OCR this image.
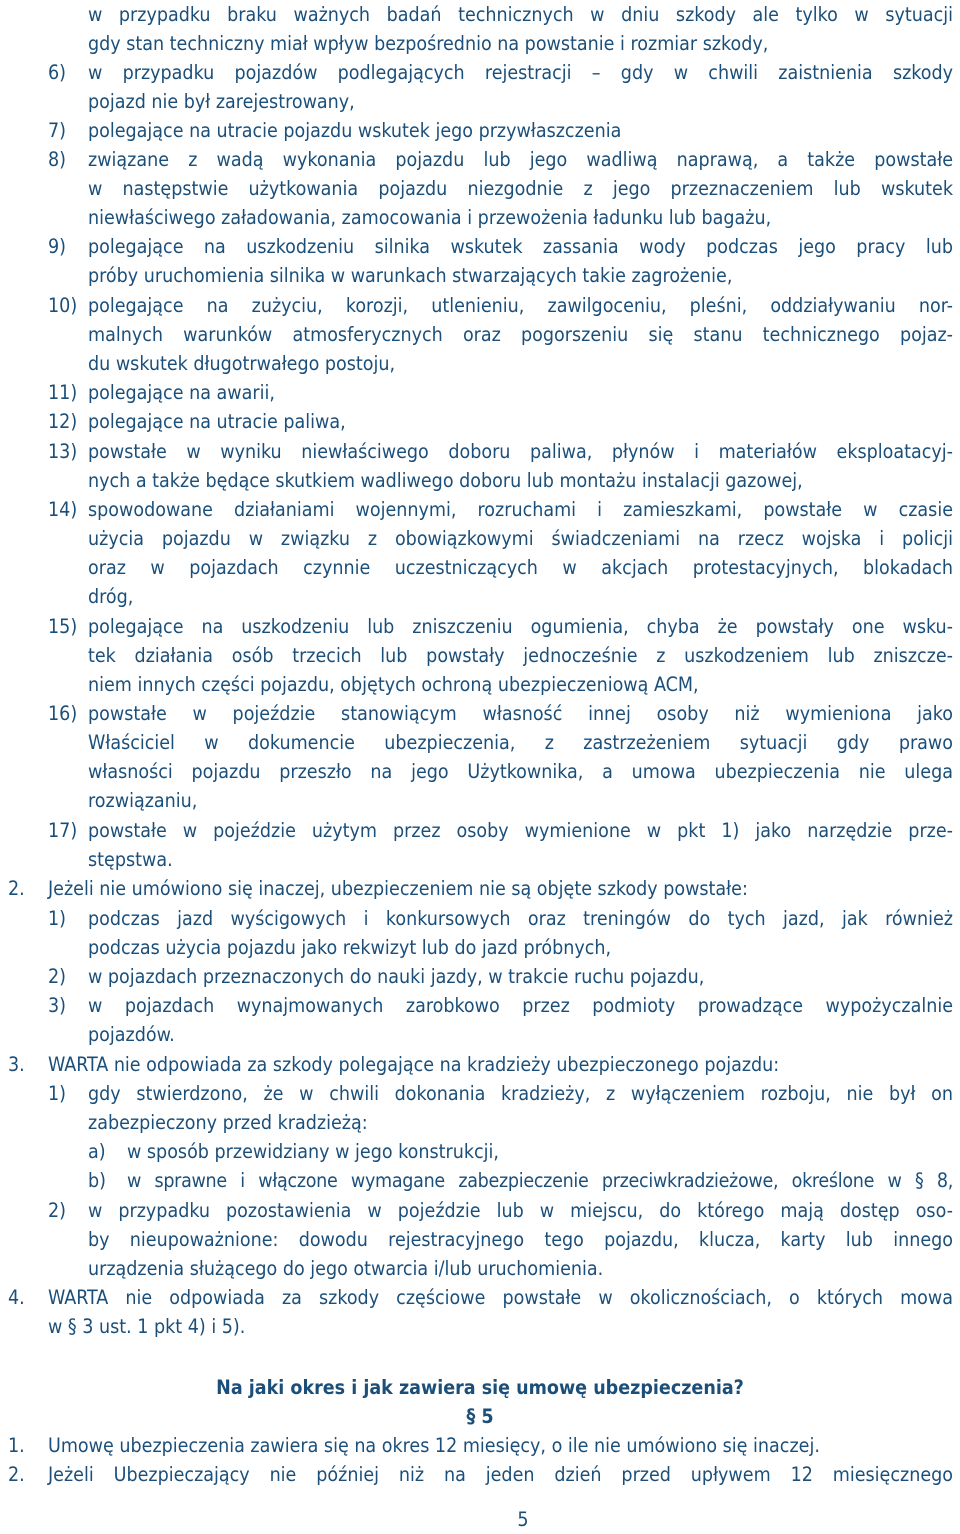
w przypadku braku ważnych badań technicznych w dniu szkody ale tylko w sytuacji
gdy stan techniczny miał wpływ bezpośrednio na powstanie i rozmiar szkody,
6) w przypadku pojazdów podlegających rejestracji – gdy w chwili zaistnienia szkody
pojazd nie był zarejestrowany,
7) polegające na utracie pojazdu wskutek jego przywłaszczenia
8) związane z wadą wykonania pojazdu lub jego wadliwą naprawą, a także powstałe
w następstwie użytkowania pojazdu niezgodnie z jego przeznaczeniem lub wskutek
niewłaściwego załadowania, zamocowania i przewożenia ładunku lub bagażu,
9) polegające na uszkodzeniu silnika wskutek zassania wody podczas jego pracy lub
próby uruchomienia silnika w warunkach stwarzających takie zagrożenie,
10) polegające na zużyciu, korozji, utlenieniu, zawilgoceniu, pleśni, oddziaływaniu nor-
malnych warunków atmosferycznych oraz pogorszeniu się stanu technicznego pojaz-
du wskutek długotrwałego postoju,
11) polegające na awarii,
12) polegające na utracie paliwa,
13) powstałe w wyniku niewłaściwego doboru paliwa, płynów i materiałów eksploatacyj-
nych a także będące skutkiem wadliwego doboru lub montażu instalacji gazowej,
14) spowodowane działaniami wojennymi, rozruchami i zamieszkami, powstałe w czasie
użycia pojazdu w związku z obowiązkowymi świadczeniami na rzecz wojska i policji
oraz w pojazdach czynnie uczestniczących w akcjach protestacyjnych, blokadach
dróg,
15) polegające na uszkodzeniu lub zniszczeniu ogumienia, chyba że powstały one wsku-
tek działania osób trzecich lub powstały jednocześnie z uszkodzeniem lub zniszcze-
niem innych części pojazdu, objętych ochroną ubezpieczeniową ACM,
16) powstałe w pojeździe stanowiącym własność innej osoby niż wymieniona jako
Właściciel w dokumencie ubezpieczenia, z zastrzeżeniem sytuacji gdy prawo
własności pojazdu przeszło na jego Użytkownika, a umowa ubezpieczenia nie ulega
rozwiązaniu,
17) powstałe w pojeździe użytym przez osoby wymienione w pkt 1) jako narzędzie prze-
stępstwa.
2. Jeżeli nie umówiono się inaczej, ubezpieczeniem nie są objęte szkody powstałe:
1) podczas jazd wyścigowych i konkursowych oraz treningów do tych jazd, jak również
podczas użycia pojazdu jako rekwizyt lub do jazd próbnych,
2) w pojazdach przeznaczonych do nauki jazdy, w trakcie ruchu pojazdu,
3) w pojazdach wynajmowanych zarobkowo przez podmioty prowadzące wypożyczalnie
pojazdów.
3. WARTA nie odpowiada za szkody polegające na kradzieży ubezpieczonego pojazdu:
1) gdy stwierdzono, że w chwili dokonania kradzieży, z wyłączeniem rozboju, nie był on
zabezpieczony przed kradzieżą:
a) w sposób przewidziany w jego konstrukcji,
b) w sprawne i włączone wymagane zabezpieczenie przeciwkradzieżowe, określone w § 8,
2) w przypadku pozostawienia w pojeździe lub w miejscu, do którego mają dostęp oso-
by nieupoważnione: dowodu rejestracyjnego tego pojazdu, klucza, karty lub innego
urządzenia służącego do jego otwarcia i/lub uruchomienia.
4. WARTA nie odpowiada za szkody częściowe powstałe w okolicznościach, o których mowa
w § 3 ust. 1 pkt 4) i 5).
Na jaki okres i jak zawiera się umowę ubezpieczenia?
§ 5
1. Umowę ubezpieczenia zawiera się na okres 12 miesięcy, o ile nie umówiono się inaczej.
2. Jeżeli Ubezpieczający nie później niż na jeden dzień przed upływem 12 miesięcznego
5
